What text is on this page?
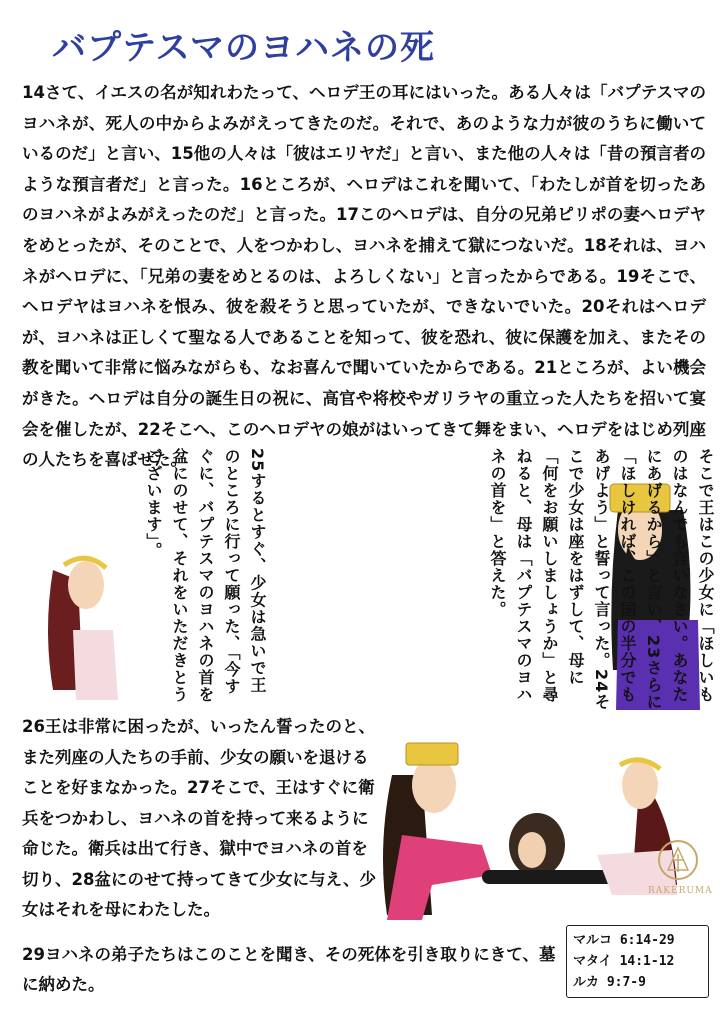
バプテスマのヨハネの死

14さて、イエスの名が知れわたって、ヘロデ王の耳にはいった。ある人々は「バプテスマのヨハネが、死人の中からよみがえってきたのだ。それで、あのような力が彼のうちに働いているのだ」と言い、15他の人々は「彼はエリヤだ」と言い、また他の人々は「昔の預言者のような預言者だ」と言った。16ところが、ヘロデはこれを聞いて、「わたしが首を切ったあのヨハネがよみがえったのだ」と言った。17このヘロデは、自分の兄弟ピリポの妻ヘロデヤをめとったが、そのことで、人をつかわし、ヨハネを捕えて獄につないだ。18それは、ヨハネがヘロデに、「兄弟の妻をめとるのは、よろしくない」と言ったからである。19そこで、ヘロデヤはヨハネを恨み、彼を殺そうと思っていたが、できないでいた。20それはヘロデが、ヨハネは正しくて聖なる人であることを知って、彼を恐れ、彼に保護を加え、またその教を聞いて非常に悩みながらも、なお喜んで聞いていたからである。21ところが、よい機会がきた。ヘロデは自分の誕生日の祝に、高官や将校やガリラヤの重立った人たちを招いて宴会を催したが、22そこへ、このヘロデヤの娘がはいってきて舞をまい、ヘロデをはじめ列座の人たちを喜ばせた。	そこで王はこの少女に「ほしいものはなんでも言いなさい。あなたにあげるから」と言い、23さらに「ほしければ、この国の半分でもあげよう」と誓って言った。24そこで少女は座をはずして、母に「何をお願いしましょうか」と尋ねると、母は「バプテスマのヨハネの首を」と答えた。
25するとすぐ、少女は急いで王のところに行って願った、「今すぐに、バプテスマのヨハネの首を盆にのせて、それをいただきとうございます」。

26王は非常に困ったが、いったん誓ったのと、また列座の人たちの手前、少女の願いを退けることを好まなかった。27そこで、王はすぐに衛兵をつかわし、ヨハネの首を持って来るように命じた。衛兵は出て行き、獄中でヨハネの首を切り、28盆にのせて持ってきて少女に与え、少女はそれを母にわたした。

RAKERUMA
マルコ 6:14-29
マタイ 14:1-12
ルカ 9:7-9

29ヨハネの弟子たちはこのことを聞き、その死体を引き取りにきて、墓に納めた。
